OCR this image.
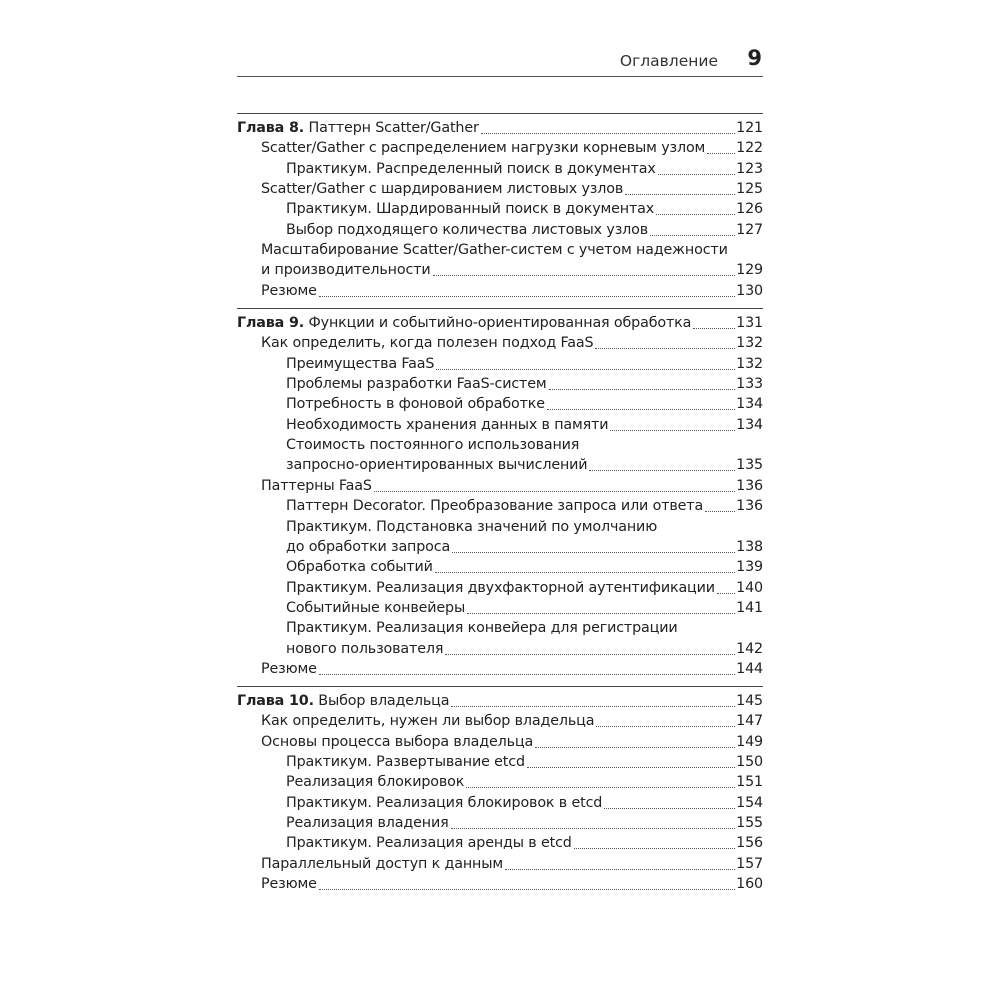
Оглавление 9
Глава 8. Паттерн Scatter/Gather	121
Scatter/Gather с распределением нагрузки корневым узлом 122
Практикум. Распределенный поиск в документах	123
Scatter/Gather с шардированием листовых узлов	125
Практикум. Шардированный поиск в документах	126
Выбор подходящего количества листовых узлов	127
Масштабирование Scatter/Gather-систем с учетом надежности
и производительности	129
Резюме	130
Глава 9. Функции и событийно-ориентированная обработка	131
Как определить, когда полезен подход FaaS	132
Преимущества FaaS	132
Проблемы разработки FaaS-систем	133
Потребность в фоновой обработке	134
Необходимость хранения данных в памяти	134
Стоимость постоянного использования
запросно-ориентированных вычислений	135
Паттерны FaaS	136
Паттерн Decorator. Преобразование запроса или ответа 136
Практикум. Подстановка значений по умолчанию
до обработки запроса	138
Обработка событий	139
Практикум. Реализация двухфакторной аутентификации 140
Событийные конвейеры	141
Практикум. Реализация конвейера для регистрации
нового пользователя	142
Резюме	144
Глава 10. Выбор владельца	145
Как определить, нужен ли выбор владельца	147
Основы процесса выбора владельца	149
Практикум. Развертывание etcd	150
Реализация блокировок	151
Практикум. Реализация блокировок в etcd	154
Реализация владения	155
Практикум. Реализация аренды в etcd	156
Параллельный доступ к данным	157
Резюме	160
